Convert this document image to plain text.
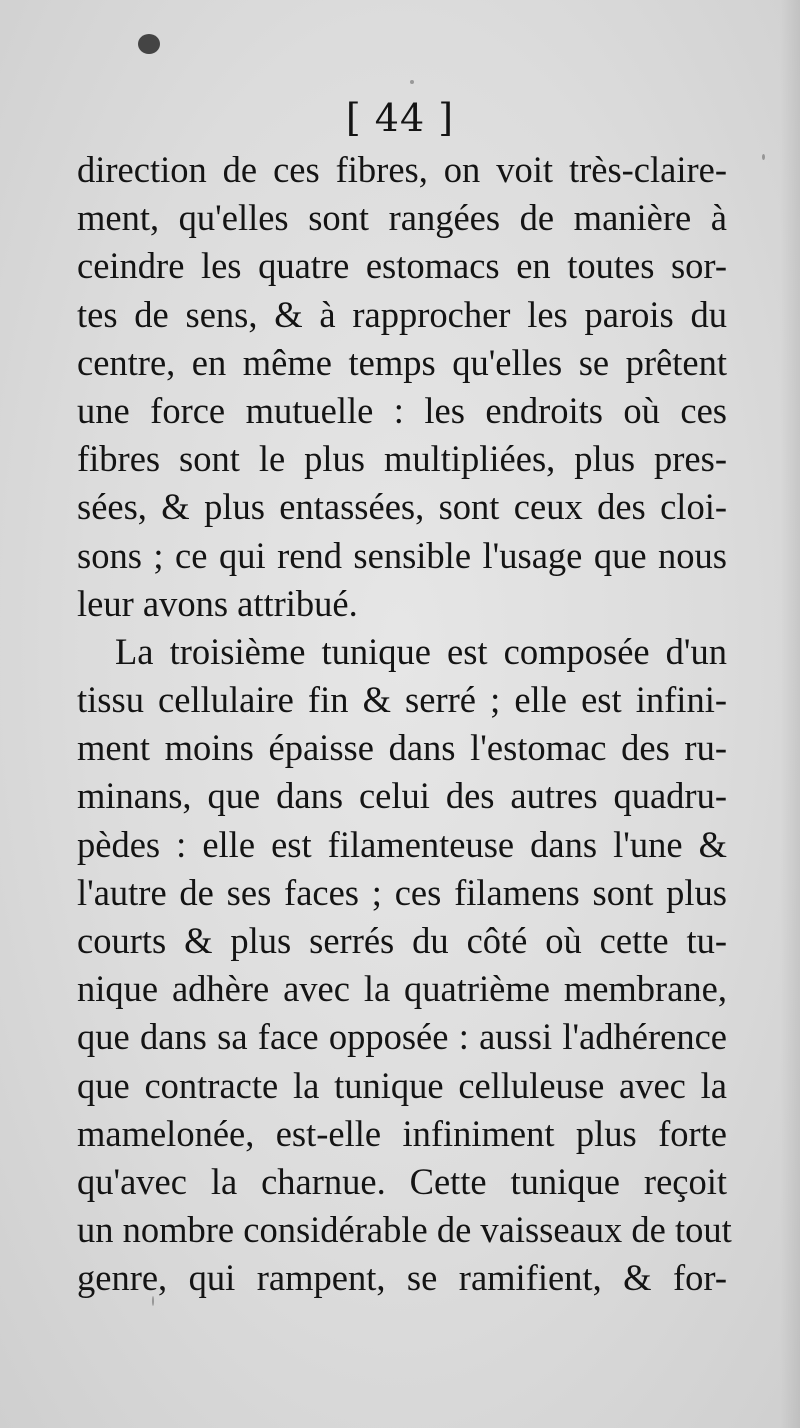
[ 44 ]
direction de ces fibres, on voit très-claire-
ment, qu'elles sont rangées de manière à
ceindre les quatre estomacs en toutes sor-
tes de sens, & à rapprocher les parois du
centre, en même temps qu'elles se prêtent
une force mutuelle : les endroits où ces
fibres sont le plus multipliées, plus pres-
sées, & plus entassées, sont ceux des cloi-
sons ; ce qui rend sensible l'usage que nous
leur avons attribué.
La troisième tunique est composée d'un
tissu cellulaire fin & serré ; elle est infini-
ment moins épaisse dans l'estomac des ru-
minans, que dans celui des autres quadru-
pèdes : elle est filamenteuse dans l'une &
l'autre de ses faces ; ces filamens sont plus
courts & plus serrés du côté où cette tu-
nique adhère avec la quatrième membrane,
que dans sa face opposée : aussi l'adhérence
que contracte la tunique celluleuse avec la
mamelonée, est-elle infiniment plus forte
qu'avec la charnue. Cette tunique reçoit
un nombre considérable de vaisseaux de tout
genre, qui rampent, se ramifient, & for-
